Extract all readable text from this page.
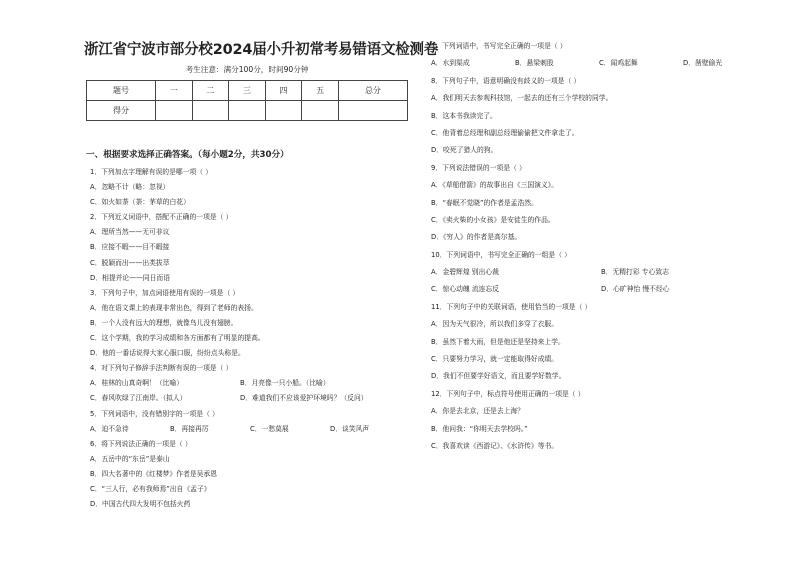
浙江省宁波市部分校2024届小升初常考易错语文检测卷
考生注意：满分100分，时间90分钟
题号	一	二	三	四	五	总分
得分						
一、根据要求选择正确答案。（每小题2分，共30分）
1．下列加点字理解有误的是哪一项（ ）
A．忽略不计（略：忽视）
C．如火如荼（荼：茅草的白花）
2．下列近义词语中，搭配不正确的一项是（ ）
A．理所当然——无可非议
B．应接不暇——目不暇接
C．脱颖而出——出类拔萃
D．相提并论——同日而语
3．下列句子中，加点词语使用有误的一项是（ ）
A．他在语文课上的表现非常出色，得到了老师的表扬。
B．一个人没有远大的理想，就像鸟儿没有翅膀。
C．这个学期，我的学习成绩和各方面都有了明显的提高。
D．他的一番话说得大家心服口服，纷纷点头称是。
4．对下列句子修辞手法判断有误的一项是（ ）
A．桂林的山真奇啊！（比喻）	B．月亮像一只小船。（比喻）
C．春风吹绿了江南岸。（拟人）	D．难道我们不应该爱护环境吗？（反问）
5．下列词语中，没有错别字的一项是（ ）
A．迫不急待	B．再接再厉	C．一愁莫展	D．谈笑风声
6．将下列说法正确的一项是（ ）
A．五岳中的“东岳”是泰山
B．四大名著中的《红楼梦》作者是吴承恩
C．“三人行，必有我师焉”出自《孟子》
D．中国古代四大发明不包括火药
7．下列词语中，书写完全正确的一项是（ ）
A．水到渠成	B．悬梁刺股	C．闻鸡起舞	D．凿壁偷光
8．下列句子中，语意明确没有歧义的一项是（ ）
A．我们明天去参观科技馆，一起去的还有三个学校的同学。
B．这本书我读完了。
C．他背着总经理和副总经理偷偷把文件拿走了。
D．咬死了猎人的狗。
9．下列说法错误的一项是（ ）
A．《草船借箭》的故事出自《三国演义》。
B．“春眠不觉晓”的作者是孟浩然。
C．《卖火柴的小女孩》是安徒生的作品。
D．《穷人》的作者是高尔基。
10．下列词语中，书写完全正确的一组是（ ）
A．金碧辉煌 别出心裁	B．无精打彩 专心致志
C．惊心动魄 流连忘反	D．心旷神怡 慢不经心
11．下列句子中的关联词语，使用恰当的一项是（ ）
A．因为天气很冷，所以我们多穿了衣服。
B．虽然下着大雨，但是他还是坚持来上学。
C．只要努力学习，就一定能取得好成绩。
D．我们不但要学好语文，而且要学好数学。
12．下列句子中，标点符号使用正确的一项是（ ）
A．你是去北京，还是去上海？
B．他问我：“你明天去学校吗。”
C．我喜欢读《西游记》、《水浒传》等书。
